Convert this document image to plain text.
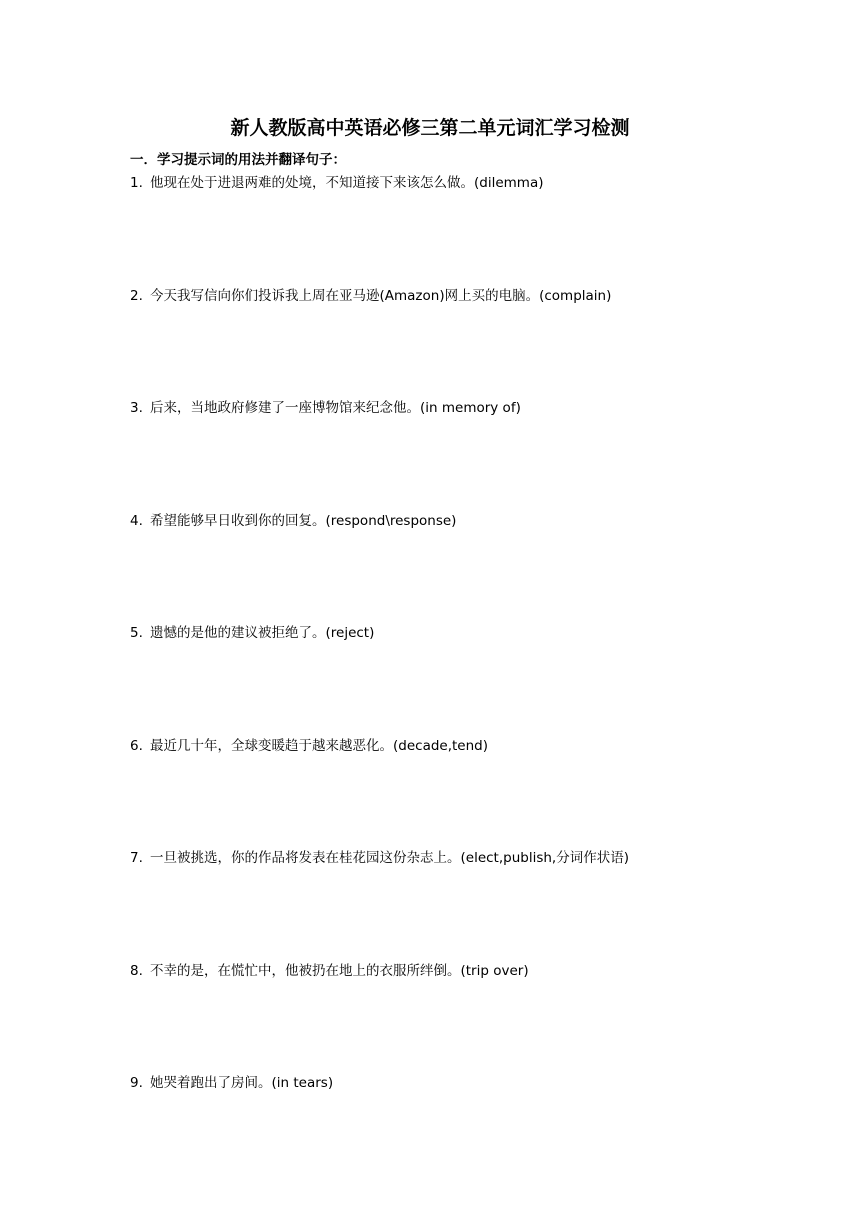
新人教版高中英语必修三第二单元词汇学习检测

一．学习提示词的用法并翻译句子：

1. 他现在处于进退两难的处境，不知道接下来该怎么做。(dilemma)
2. 今天我写信向你们投诉我上周在亚马逊(Amazon)网上买的电脑。(complain)
3. 后来，当地政府修建了一座博物馆来纪念他。(in memory of)
4. 希望能够早日收到你的回复。(respond\response)
5. 遗憾的是他的建议被拒绝了。(reject)
6. 最近几十年，全球变暖趋于越来越恶化。(decade,tend)
7. 一旦被挑选，你的作品将发表在桂花园这份杂志上。(elect,publish,分词作状语)
8. 不幸的是，在慌忙中，他被扔在地上的衣服所绊倒。(trip over)
9. 她哭着跑出了房间。(in tears)
